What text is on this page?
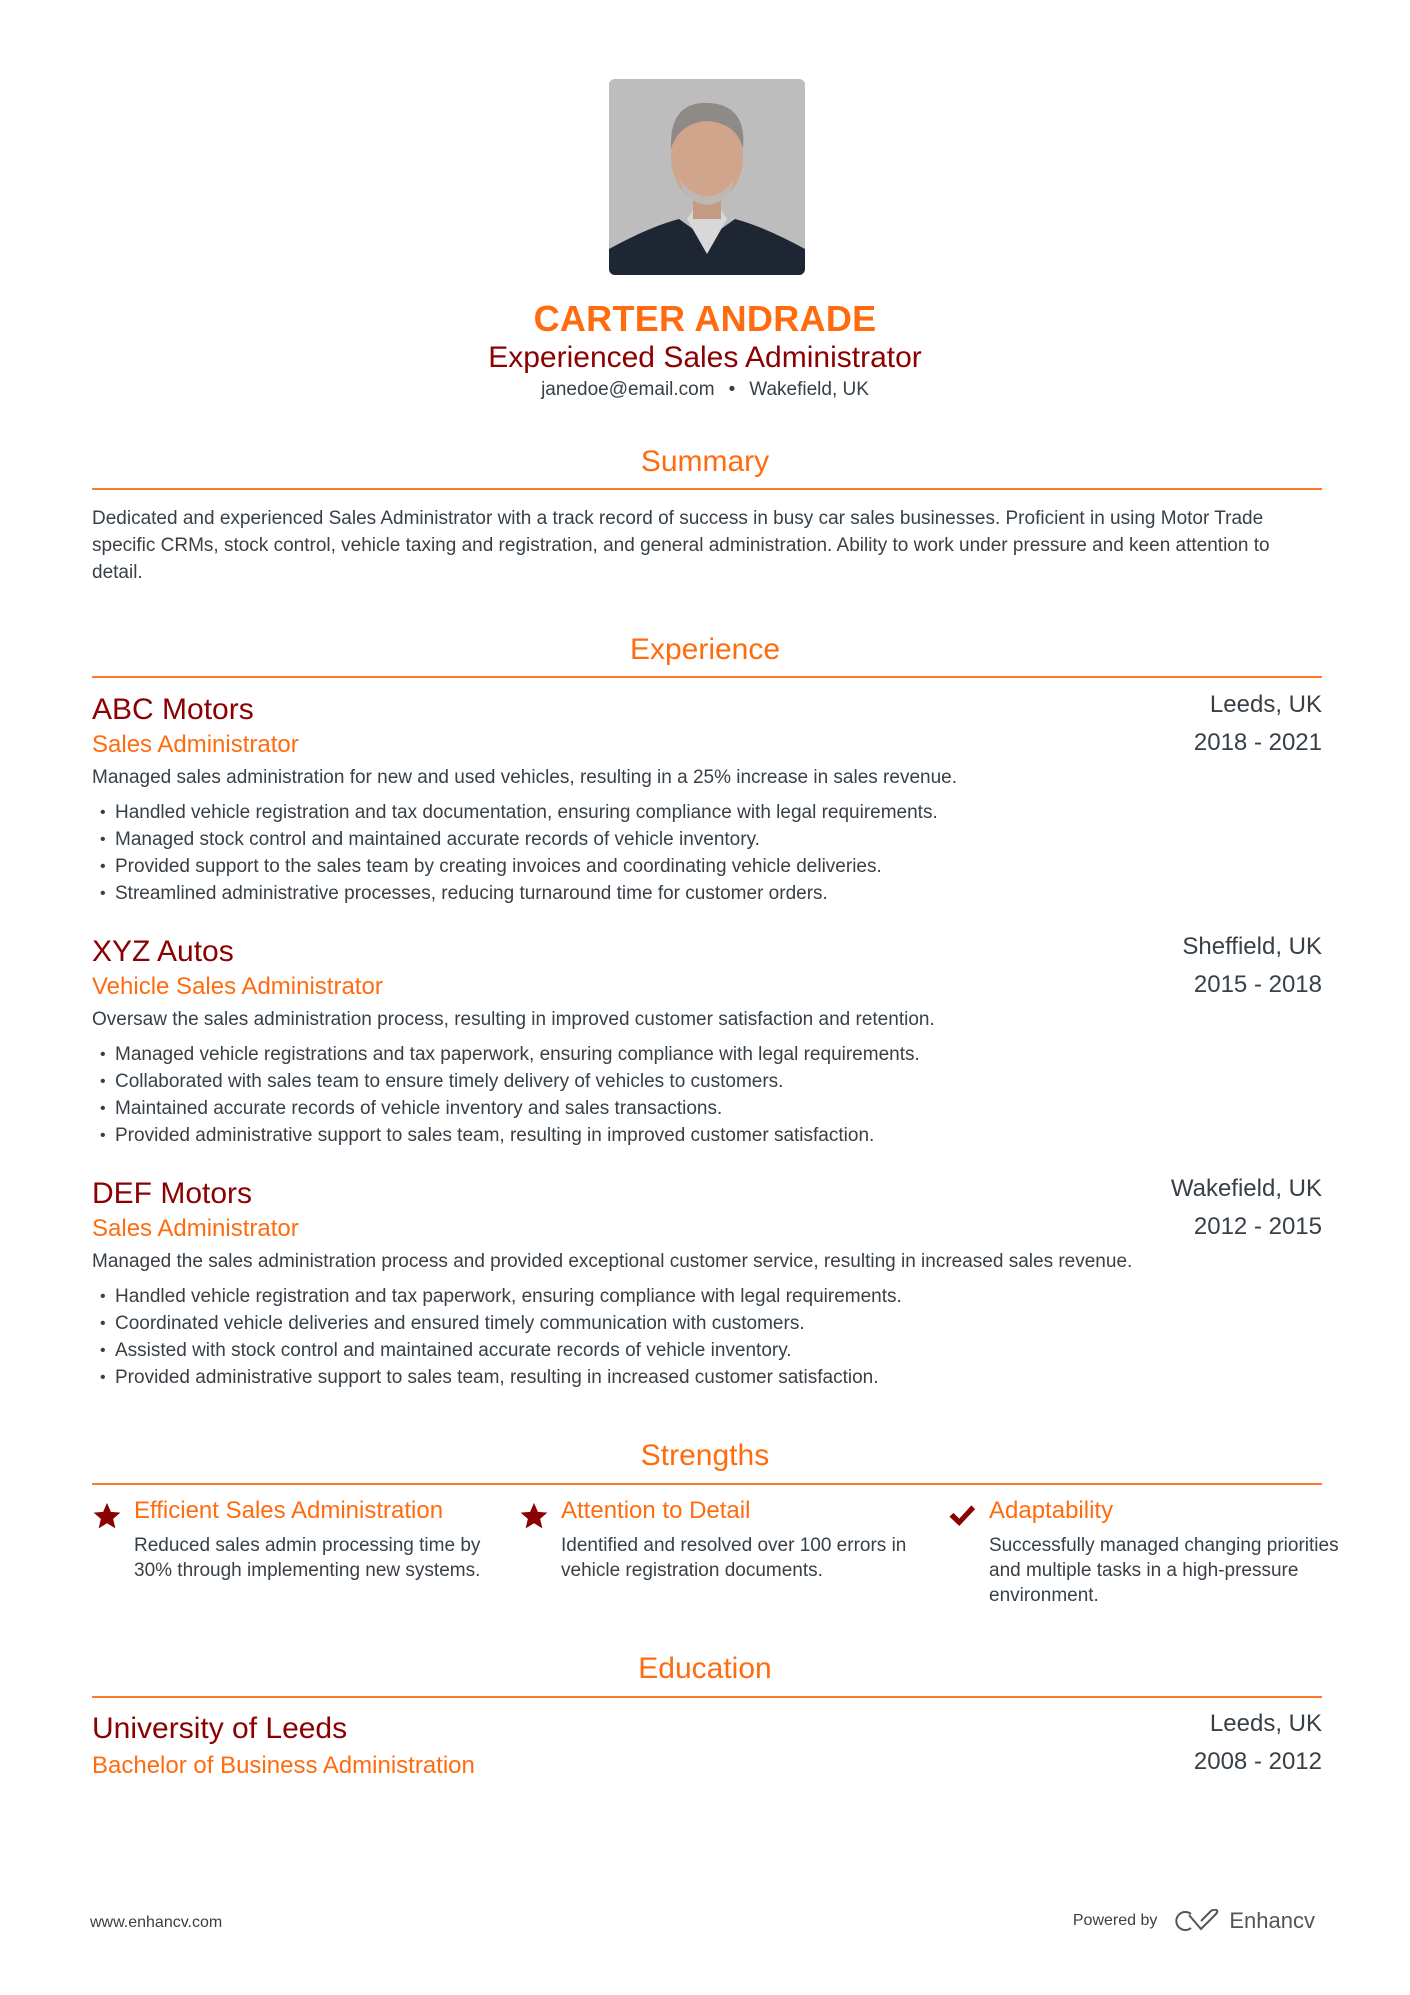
CARTER ANDRADE
Experienced Sales Administrator
janedoe@email.com • Wakefield, UK
Summary
Dedicated and experienced Sales Administrator with a track record of success in busy car sales businesses. Proficient in using Motor Trade specific CRMs, stock control, vehicle taxing and registration, and general administration. Ability to work under pressure and keen attention to detail.
Experience
ABC Motors
Sales Administrator
Leeds, UK
2018 - 2021
Managed sales administration for new and used vehicles, resulting in a 25% increase in sales revenue.
• Handled vehicle registration and tax documentation, ensuring compliance with legal requirements.
• Managed stock control and maintained accurate records of vehicle inventory.
• Provided support to the sales team by creating invoices and coordinating vehicle deliveries.
• Streamlined administrative processes, reducing turnaround time for customer orders.
XYZ Autos
Vehicle Sales Administrator
Sheffield, UK
2015 - 2018
Oversaw the sales administration process, resulting in improved customer satisfaction and retention.
• Managed vehicle registrations and tax paperwork, ensuring compliance with legal requirements.
• Collaborated with sales team to ensure timely delivery of vehicles to customers.
• Maintained accurate records of vehicle inventory and sales transactions.
• Provided administrative support to sales team, resulting in improved customer satisfaction.
DEF Motors
Sales Administrator
Wakefield, UK
2012 - 2015
Managed the sales administration process and provided exceptional customer service, resulting in increased sales revenue.
• Handled vehicle registration and tax paperwork, ensuring compliance with legal requirements.
• Coordinated vehicle deliveries and ensured timely communication with customers.
• Assisted with stock control and maintained accurate records of vehicle inventory.
• Provided administrative support to sales team, resulting in increased customer satisfaction.
Strengths
Efficient Sales Administration
Reduced sales admin processing time by 30% through implementing new systems.
Attention to Detail
Identified and resolved over 100 errors in vehicle registration documents.
Adaptability
Successfully managed changing priorities and multiple tasks in a high-pressure environment.
Education
University of Leeds
Bachelor of Business Administration
Leeds, UK
2008 - 2012
www.enhancv.com	Powered by	Enhancv
